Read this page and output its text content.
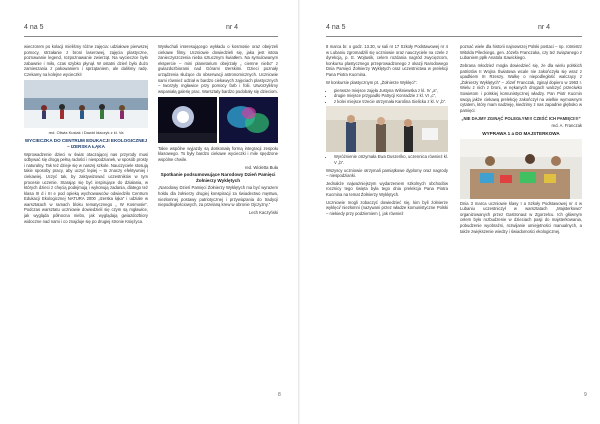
4 na 5	nr 4

wieczorem po kolacji mieliśmy różne zajęcia: udziałowe pierwszej pomocy, strzałanie z broni laserowej, zajęcia plastyczne, poznawanie legend, rozpoznawanie zwierząt. Na wycieczce było zabawnie i miło, czas szybko płynął. W ostatni dzień było dużo zamieszania z pakowaniem i sprzątaniem, ale daliśmy radę. Czekamy na kolejne wycieczki!

red. Oliwia Kusiak i Dawid Idaczyk z kl. Va
WYCIECZKA DO CENTRUM EDUKACJI EKOLOGICZNEJ – IZERSKA ŁĄKA

Wprowadzenie dzieci w świat otaczającej nas przyrody musi odbywać się drogą pełną radości i niespodzianek, w sposób prosty i naturalny. Tak też dzieje się w naszej szkole. Nauczyciele stosują takie sposoby pracy, aby uczyć lepiej – to znaczy efektywniej i ciekawiej. Uczyć tak, by zaktywizować uczestników w tym procesie uczenie. Starając się być inspirujące do działania, w których dzieci z chęcią podejmują i wykonują zadania, dlatego też klasa III d i III e pod opieką wychowawców odwiedziło Centrum Edukacji Ekologicznej NATURA 2000 „Izerska łąka” i udziale w warsztatach w ramach bloku tematycznego „ W Kosmosie”. Podczas warsztatu uczniowie dowiedzieli się czym są mgławice, jak wygląda północna niebo, jak wyglądają gwiazdozbiory widoczne nad nami i co znajduje się po drugiej stronie Księżyca.

Wysłuchali interesującego wykładu o kosmosie oraz obejrzeli ciekawe filmy. Uczniowie dowiedzieli się, jaka jest istota zanieczyszczenia nieba sztucznym światłem. Na symulowanym ekspercie – mini planetarium obejrzały „ ciemne niebo” z gwiazdozbiorami nad Górami Izerskimi. Dzieci poznały urządzenia służące do obserwacji astronomicznych. Uczniowie sami również udział w bardzo ciekawych zajęciach plastycznych – tworzyły mgławice przy pomocy farb i folii. Utworzyliśmy wspaniałą galerię prac. Warsztaty bardzo podobały się dzieciom.

Takie wspólne wyjazdy są doskonałą formą integracji zespołu klasowego. To były bardzo ciekawe wycieczki i mile spędzone wspólne chwile.

red. Wioletta Buła

Spotkanie podsumowujące Narodowy Dzień Pamięci Żołnierzy Wyklętych

„Narodowy Dzień Pamięci Żołnierzy Wyklętych ma być wyrazem hołdu dla żołnierzy drugiej konspiracji za świadectwo męstwa, niezłomnej postawy patriotycznej i przywiązania do tradycji niepodległościowych, za przelaną krew w obronie Ojczyzny.”

Lech Kaczyński

8
4 na 5	nr 4

8 marca br. o godz. 13.30, w sali nr 17 Szkoły Podstawowej nr 4 w Lubaniu zgromadzili się uczniowie oraz nauczyciele na czele z dyrekcją, p. E. Wojtusik, celem rozdania nagród zwycięzcom, konkursu plastycznego przeprowadzonego z okazji Narodowego Dnia Pamięci Żołnierzy Wyklętych oraz uczestnictwa w prelekcji Pana Piotra Kucmina.

W konkursie plastycznym pt. „Żołnierze Wyklęci”:

• pierwsze miejsce zajęła Justyna Wiśniewska z kl. IV „a”,
• drugie miejsce przypadło Patrycji Konradzie z kl. VI „c”,
• z kolei miejsce trzecie otrzymała Karolina Sielicka z kl. V „b”.
• Wyróżnienie otrzymała Ewa Duszeńko, uczennica również kl. V „b”.

Wszyscy uczniowie otrzymali pamiątkowe dyplomy oraz nagrody – niespodzianki.

Jednakże najważniejszym wydarzeniem szkolnych obchodów rocznicy tego święta była tego dnia prelekcja Pana Piotra Kucmina na temat Żołnierzy Wyklętych.

Uczniowie mogli zobaczyć dowiedzieć się, kim byli żołnierze wyklęci/ niezłomni (nazywani przez władze komunistyczne Polski – niekiedy przy podziemiem ), jak również

poznać wiele dla historii najnowszej Polski postaci – np. rotmistrz Witolda Pileckiego, gen. Józefa Franczaka, czy też związanego z Lubaniem ppłk Anatola Sawickiego.

Zebrana młodzież mogła dowiedzieć się, że dla wielu polskich patriotów II Wojna Światowa wcale nie zakończyła się wraz z upadkiem III Rzeszy. Walkę o niepodległość walczący z „Żołnierzy Wyklętych” – Józef Franczak, zginął dopiero w 1963 r. Wielu z nich z broni, w nękanych drogach walczyć przeciwko Sowietom i polskiej komunistycznej władzy. Pan Piotr Kucmin swoją jakże ciekawą prelekcję zakończył na wielkie wymownym cytatem, który mam nadzieję, kiedzimy z nas zapadnie głęboko w pamięci:

„NIE DAJMY ZGINĄĆ POLEGŁYM!!! CZEŚĆ ICH PAMIĘCI!!!”

red. A. Franczak

WYPRAWA 1 a DO MAJSTERKOWA

Dnia 3 marca uczniowie klasy I a Szkoły Podstawowej nr 4 w Lubaniu uczestniczył w warsztatach „Majsterkowo” organizowanych przez Gastronaut w Zgorzelcu. Ich głównym celem było rozbudzenie w dzieciach pasji do majsterkowania, pobudzenie wyobraźni, rozwijanie umiejętności manualnych, a także zwiększenie wiedzy i świadomości ekologicznej.

9
